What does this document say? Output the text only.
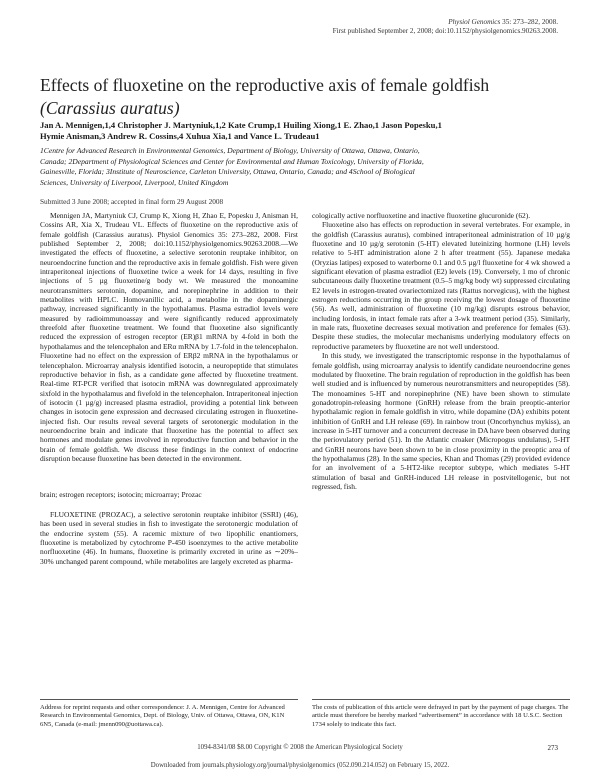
Physiol Genomics 35: 273–282, 2008.
First published September 2, 2008; doi:10.1152/physiolgenomics.90263.2008.
Effects of fluoxetine on the reproductive axis of female goldfish
(Carassius auratus)
Jan A. Mennigen,1,4 Christopher J. Martyniuk,1,2 Kate Crump,1 Huiling Xiong,1 E. Zhao,1 Jason Popesku,1
Hymie Anisman,3 Andrew R. Cossins,4 Xuhua Xia,1 and Vance L. Trudeau1
1Centre for Advanced Research in Environmental Genomics, Department of Biology, University of Ottawa, Ottawa, Ontario,
Canada; 2Department of Physiological Sciences and Center for Environmental and Human Toxicology, University of Florida,
Gainesville, Florida; 3Institute of Neuroscience, Carleton University, Ottawa, Ontario, Canada; and 4School of Biological
Sciences, University of Liverpool, Liverpool, United Kingdom
Submitted 3 June 2008; accepted in final form 29 August 2008

Mennigen JA, Martyniuk CJ, Crump K, Xiong H, Zhao E, Popesku J, Anisman H, Cossins AR, Xia X, Trudeau VL. Effects of fluoxetine on the reproductive axis of female goldfish (Carassius auratus). Physiol Genomics 35: 273–282, 2008. First published September 2, 2008; doi:10.1152/physiolgenomics.90263.2008.—We investigated the effects of fluoxetine, a selective serotonin reuptake inhibitor, on neuroendocrine function and the reproductive axis in female goldfish. Fish were given intraperitoneal injections of fluoxetine twice a week for 14 days, resulting in five injections of 5 µg fluoxetine/g body wt. We measured the monoamine neurotransmitters serotonin, dopamine, and norepinephrine in addition to their metabolites with HPLC. Homovanillic acid, a metabolite in the dopaminergic pathway, increased significantly in the hypothalamus. Plasma estradiol levels were measured by radioimmunoassay and were significantly reduced approximately threefold after fluoxetine treatment. We found that fluoxetine also significantly reduced the expression of estrogen receptor (ER)β1 mRNA by 4-fold in both the hypothalamus and the telencephalon and ERα mRNA by 1.7-fold in the telencephalon. Fluoxetine had no effect on the expression of ERβ2 mRNA in the hypothalamus or telencephalon. Microarray analysis identified isotocin, a neuropeptide that stimulates reproductive behavior in fish, as a candidate gene affected by fluoxetine treatment. Real-time RT-PCR verified that isotocin mRNA was downregulated approximately sixfold in the hypothalamus and fivefold in the telencephalon. Intraperitoneal injection of isotocin (1 µg/g) increased plasma estradiol, providing a potential link between changes in isotocin gene expression and decreased circulating estrogen in fluoxetine-injected fish. Our results reveal several targets of serotonergic modulation in the neuroendocrine brain and indicate that fluoxetine has the potential to affect sex hormones and modulate genes involved in reproductive function and behavior in the brain of female goldfish. We discuss these findings in the context of endocrine disruption because fluoxetine has been detected in the environment.

brain; estrogen receptors; isotocin; microarray; Prozac

FLUOXETINE (PROZAC), a selective serotonin reuptake inhibitor (SSRI) (46), has been used in several studies in fish to investigate the serotonergic modulation of the endocrine system (55). A racemic mixture of two lipophilic enantiomers, fluoxetine is metabolized by cytochrome P-450 isoenzymes to the active metabolite norfluoxetine (46). In humans, fluoxetine is primarily excreted in urine as ∼20%–30% unchanged parent compound, while metabolites are largely excreted as pharma-

cologically active norfluoxetine and inactive fluoxetine glucuronide (62).

Fluoxetine also has effects on reproduction in several vertebrates. For example, in the goldfish (Carassius auratus), combined intraperitoneal administration of 10 µg/g fluoxetine and 10 µg/g serotonin (5-HT) elevated luteinizing hormone (LH) levels relative to 5-HT administration alone 2 h after treatment (55). Japanese medaka (Oryzias latipes) exposed to waterborne 0.1 and 0.5 µg/l fluoxetine for 4 wk showed a significant elevation of plasma estradiol (E2) levels (19). Conversely, 1 mo of chronic subcutaneous daily fluoxetine treatment (0.5–5 mg/kg body wt) suppressed circulating E2 levels in estrogen-treated ovariectomized rats (Rattus norvegicus), with the highest estrogen reductions occurring in the group receiving the lowest dosage of fluoxetine (56). As well, administration of fluoxetine (10 mg/kg) disrupts estrous behavior, including lordosis, in intact female rats after a 3-wk treatment period (35). Similarly, in male rats, fluoxetine decreases sexual motivation and preference for females (63). Despite these studies, the molecular mechanisms underlying modulatory effects on reproductive parameters by fluoxetine are not well understood.

In this study, we investigated the transcriptomic response in the hypothalamus of female goldfish, using microarray analysis to identify candidate neuroendocrine genes modulated by fluoxetine. The brain regulation of reproduction in the goldfish has been well studied and is influenced by numerous neurotransmitters and neuropeptides (58). The monoamines 5-HT and norepinephrine (NE) have been shown to stimulate gonadotropin-releasing hormone (GnRH) release from the brain preoptic-anterior hypothalamic region in female goldfish in vitro, while dopamine (DA) exhibits potent inhibition of GnRH and LH release (69). In rainbow trout (Oncorhynchus mykiss), an increase in 5-HT turnover and a concurrent decrease in DA have been observed during the periovulatory period (51). In the Atlantic croaker (Micropogus undulatus), 5-HT and GnRH neurons have been shown to be in close proximity in the preoptic area of the hypothalamus (28). In the same species, Khan and Thomas (29) provided evidence for an involvement of a 5-HT2-like receptor subtype, which mediates 5-HT stimulation of basal and GnRH-induced LH release in postvitellogenic, but not regressed, fish.

Address for reprint requests and other correspondence: J. A. Mennigen, Centre for Advanced Research in Environmental Genomics, Dept. of Biology, Univ. of Ottawa, Ottawa, ON, K1N 6N5, Canada (e-mail: jmenn090@uottawa.ca).
The costs of publication of this article were defrayed in part by the payment of page charges. The article must therefore be hereby marked “advertisement” in accordance with 18 U.S.C. Section 1734 solely to indicate this fact.
1094-8341/08 $8.00 Copyright © 2008 the American Physiological Society	273
Downloaded from journals.physiology.org/journal/physiolgenomics (052.090.214.052) on February 15, 2022.
